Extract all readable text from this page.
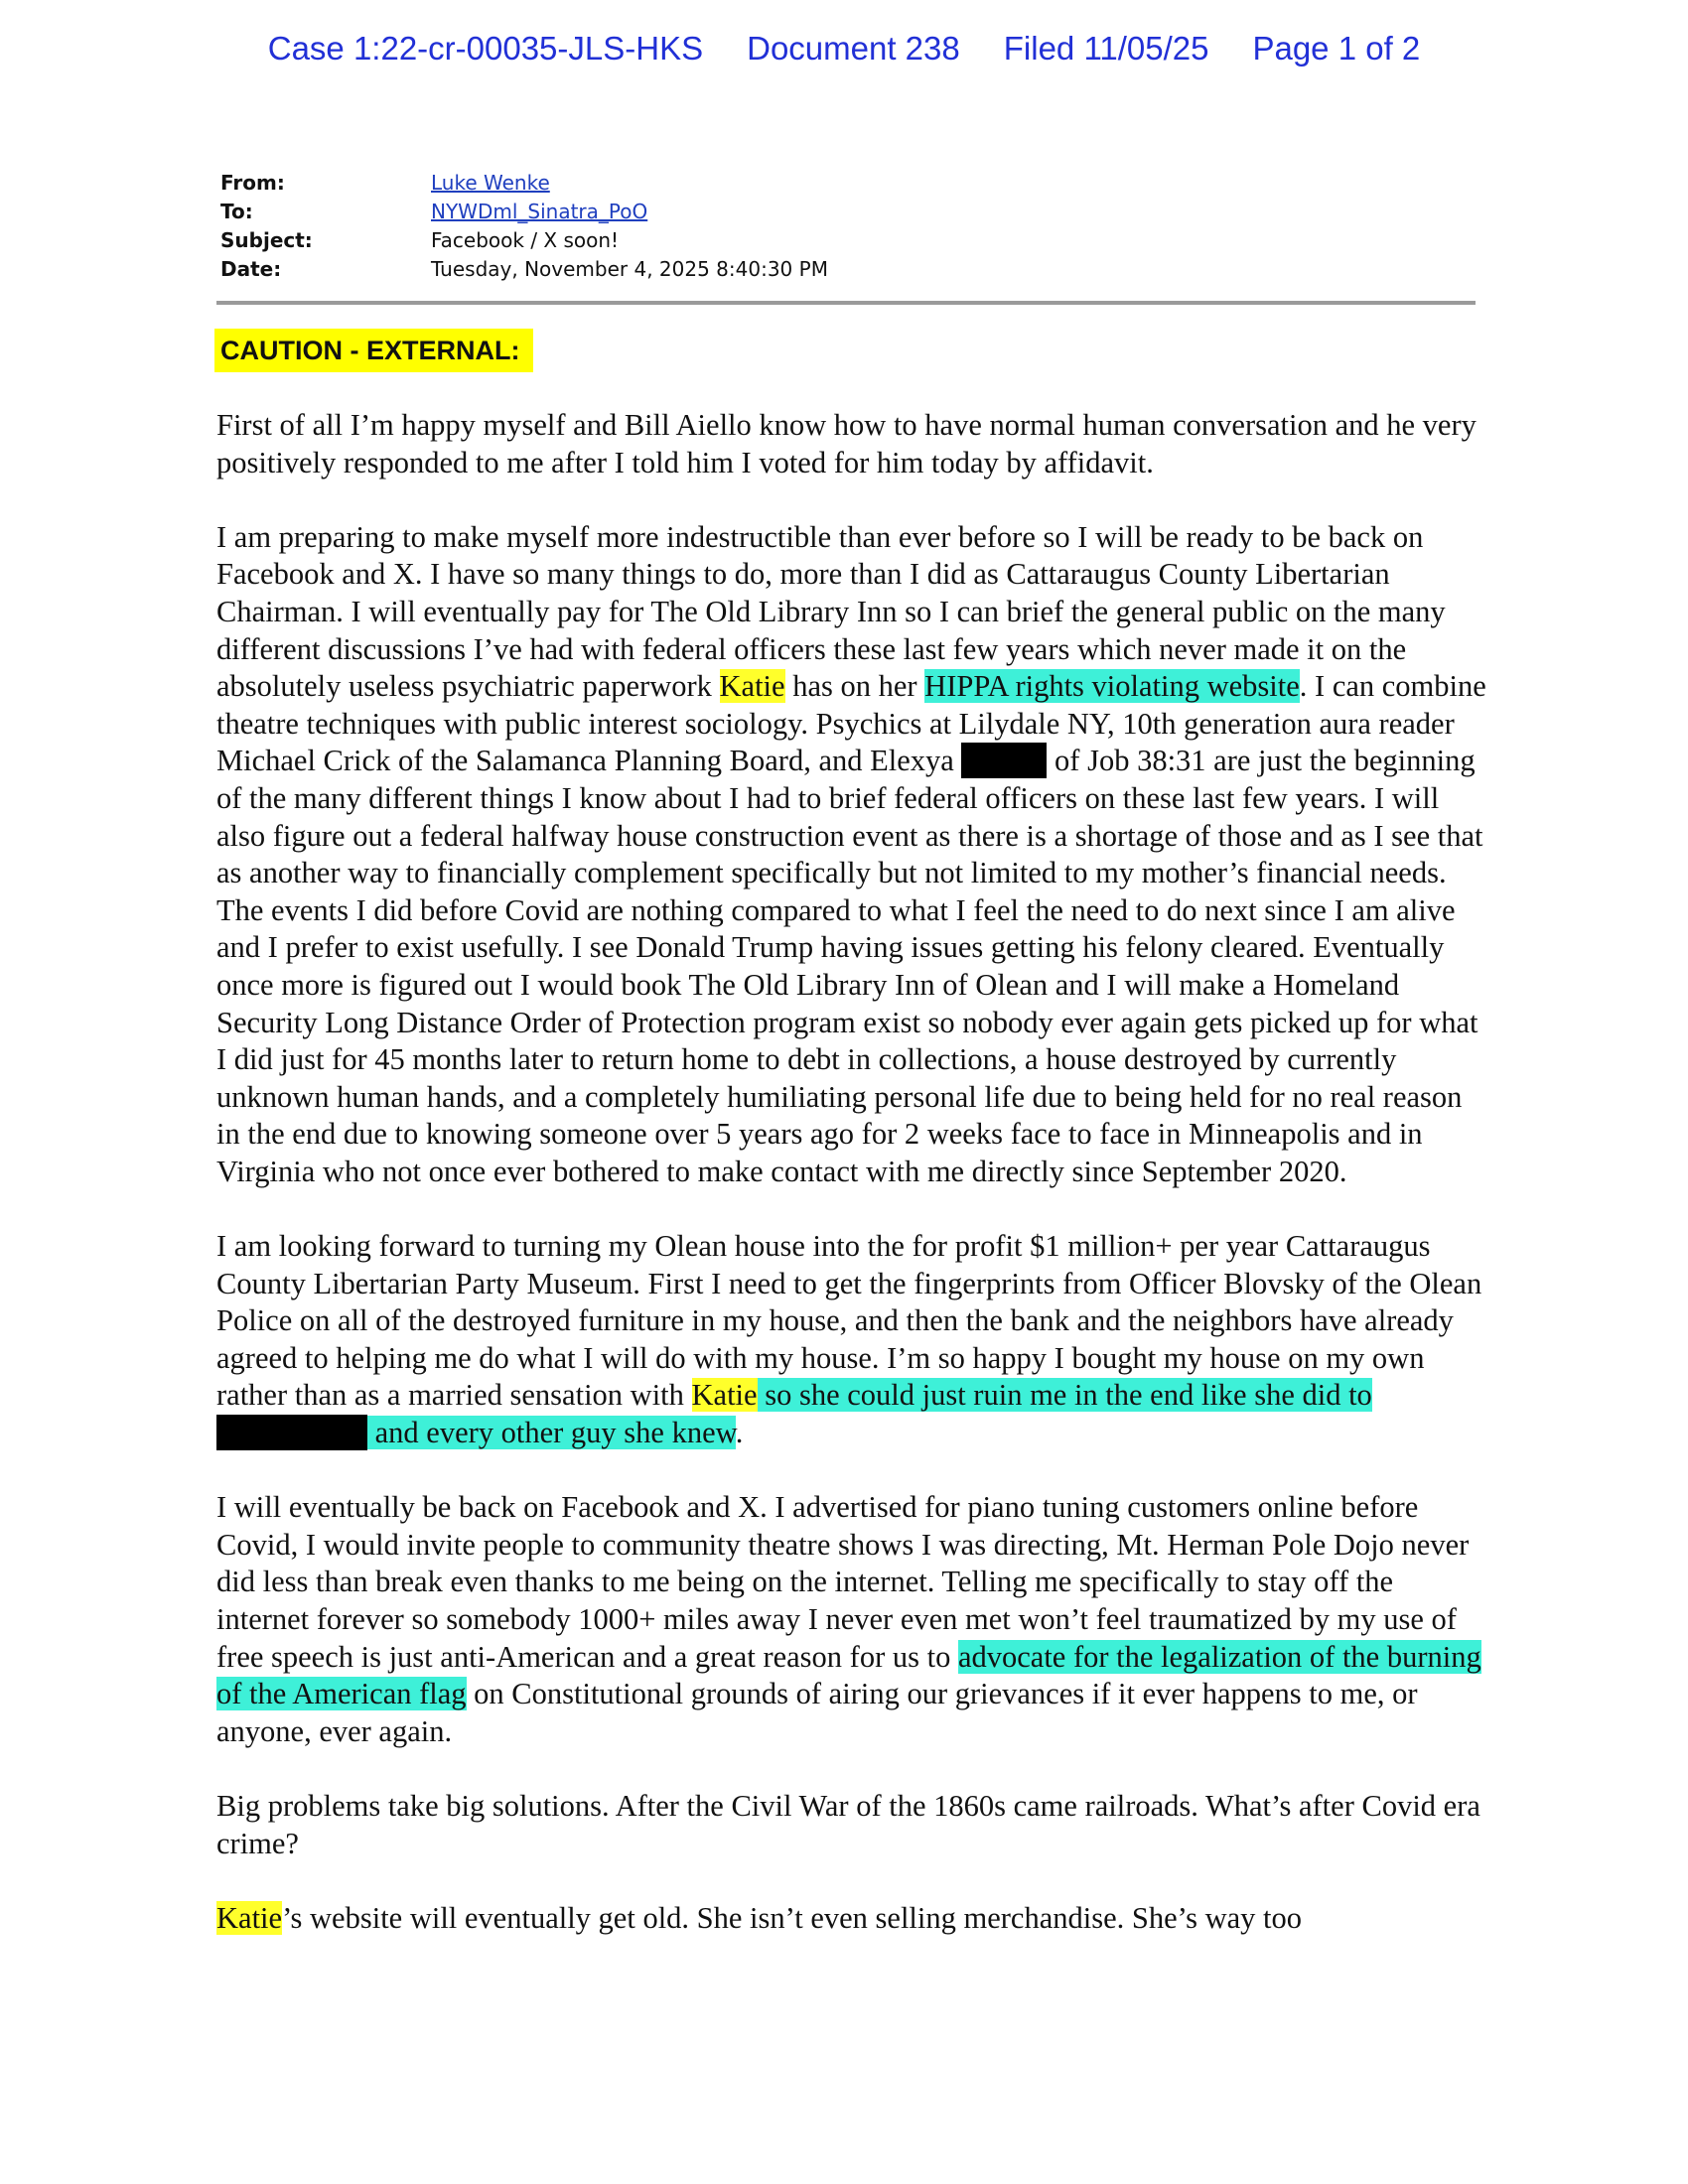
Case 1:22-cr-00035-JLS-HKS Document 238 Filed 11/05/25 Page 1 of 2
From:	Luke Wenke
To:	NYWDml_Sinatra_PoO
Subject:	Facebook / X soon!
Date:	Tuesday, November 4, 2025 8:40:30 PM
CAUTION - EXTERNAL:

First of all I’m happy myself and Bill Aiello know how to have normal human conversation and he very positively responded to me after I told him I voted for him today by affidavit.

I am preparing to make myself more indestructible than ever before so I will be ready to be back on Facebook and X. I have so many things to do, more than I did as Cattaraugus County Libertarian Chairman. I will eventually pay for The Old Library Inn so I can brief the general public on the many different discussions I’ve had with federal officers these last few years which never made it on the absolutely useless psychiatric paperwork Katie has on her HIPPA rights violating website. I can combine theatre techniques with public interest sociology. Psychics at Lilydale NY, 10th generation aura reader Michael Crick of the Salamanca Planning Board, and Elexya	of Job 38:31 are just the beginning of the many different things I know about I had to brief federal officers on these last few years. I will also figure out a federal halfway house construction event as there is a shortage of those and as I see that as another way to financially complement specifically but not limited to my mother’s financial needs. The events I did before Covid are nothing compared to what I feel the need to do next since I am alive and I prefer to exist usefully. I see Donald Trump having issues getting his felony cleared. Eventually once more is figured out I would book The Old Library Inn of Olean and I will make a Homeland Security Long Distance Order of Protection program exist so nobody ever again gets picked up for what I did just for 45 months later to return home to debt in collections, a house destroyed by currently unknown human hands, and a completely humiliating personal life due to being held for no real reason in the end due to knowing someone over 5 years ago for 2 weeks face to face in Minneapolis and in Virginia who not once ever bothered to make contact with me directly since September 2020.

I am looking forward to turning my Olean house into the for profit $1 million+ per year Cattaraugus County Libertarian Party Museum. First I need to get the fingerprints from Officer Blovsky of the Olean Police on all of the destroyed furniture in my house, and then the bank and the neighbors have already agreed to helping me do what I will do with my house. I’m so happy I bought my house on my own rather than as a married sensation with Katie so she could just ruin me in the end like she did to  and every other guy she knew.

I will eventually be back on Facebook and X. I advertised for piano tuning customers online before Covid, I would invite people to community theatre shows I was directing, Mt. Herman Pole Dojo never did less than break even thanks to me being on the internet. Telling me specifically to stay off the internet forever so somebody 1000+ miles away I never even met won’t feel traumatized by my use of free speech is just anti-American and a great reason for us to advocate for the legalization of the burning of the American flag on Constitutional grounds of airing our grievances if it ever happens to me, or anyone, ever again.

Big problems take big solutions. After the Civil War of the 1860s came railroads. What’s after Covid era crime?

Katie’s website will eventually get old. She isn’t even selling merchandise. She’s way too
